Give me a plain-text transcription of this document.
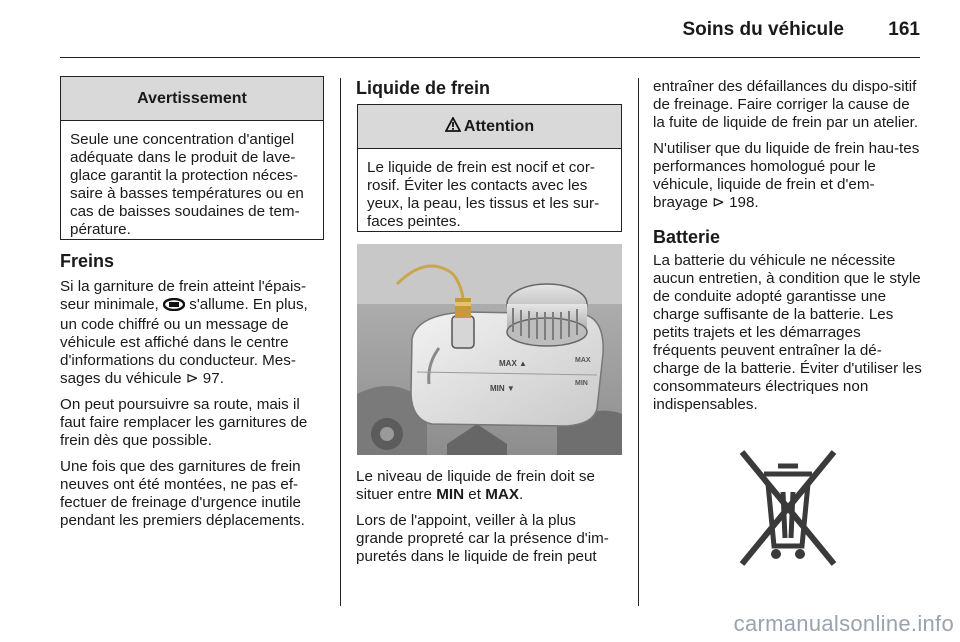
Soins du véhicule 161
Avertissement
Seule une concentration d'antigel adéquate dans le produit de lave-glace garantit la protection néces-saire à basses températures ou en cas de baisses soudaines de tem-pérature.
Freins

Si la garniture de frein atteint l'épais-seur minimale, s'allume. En plus, un code chiffré ou un message de véhicule est affiché dans le centre d'informations du conducteur. Mes-sages du véhicule ⊳ 97.

On peut poursuivre sa route, mais il faut faire remplacer les garnitures de frein dès que possible.

Une fois que des garnitures de frein neuves ont été montées, ne pas ef-fectuer de freinage d'urgence inutile pendant les premiers déplacements.

Liquide de frein
Attention
Le liquide de frein est nocif et cor-rosif. Éviter les contacts avec les yeux, la peau, les tissus et les sur-faces peintes.
MAX ▲
MIN ▼
MAX
MIN

Le niveau de liquide de frein doit se situer entre MIN et MAX.

Lors de l'appoint, veiller à la plus grande propreté car la présence d'im-puretés dans le liquide de frein peut

entraîner des défaillances du dispo-sitif de freinage. Faire corriger la cause de la fuite de liquide de frein par un atelier.

N'utiliser que du liquide de frein hau-tes performances homologué pour le véhicule, liquide de frein et d'em-brayage ⊳ 198.

Batterie

La batterie du véhicule ne nécessite aucun entretien, à condition que le style de conduite adopté garantisse une charge suffisante de la batterie. Les petits trajets et les démarrages fréquents peuvent entraîner la dé-charge de la batterie. Éviter d'utiliser les consommateurs électriques non indispensables.

carmanualsonline.info
